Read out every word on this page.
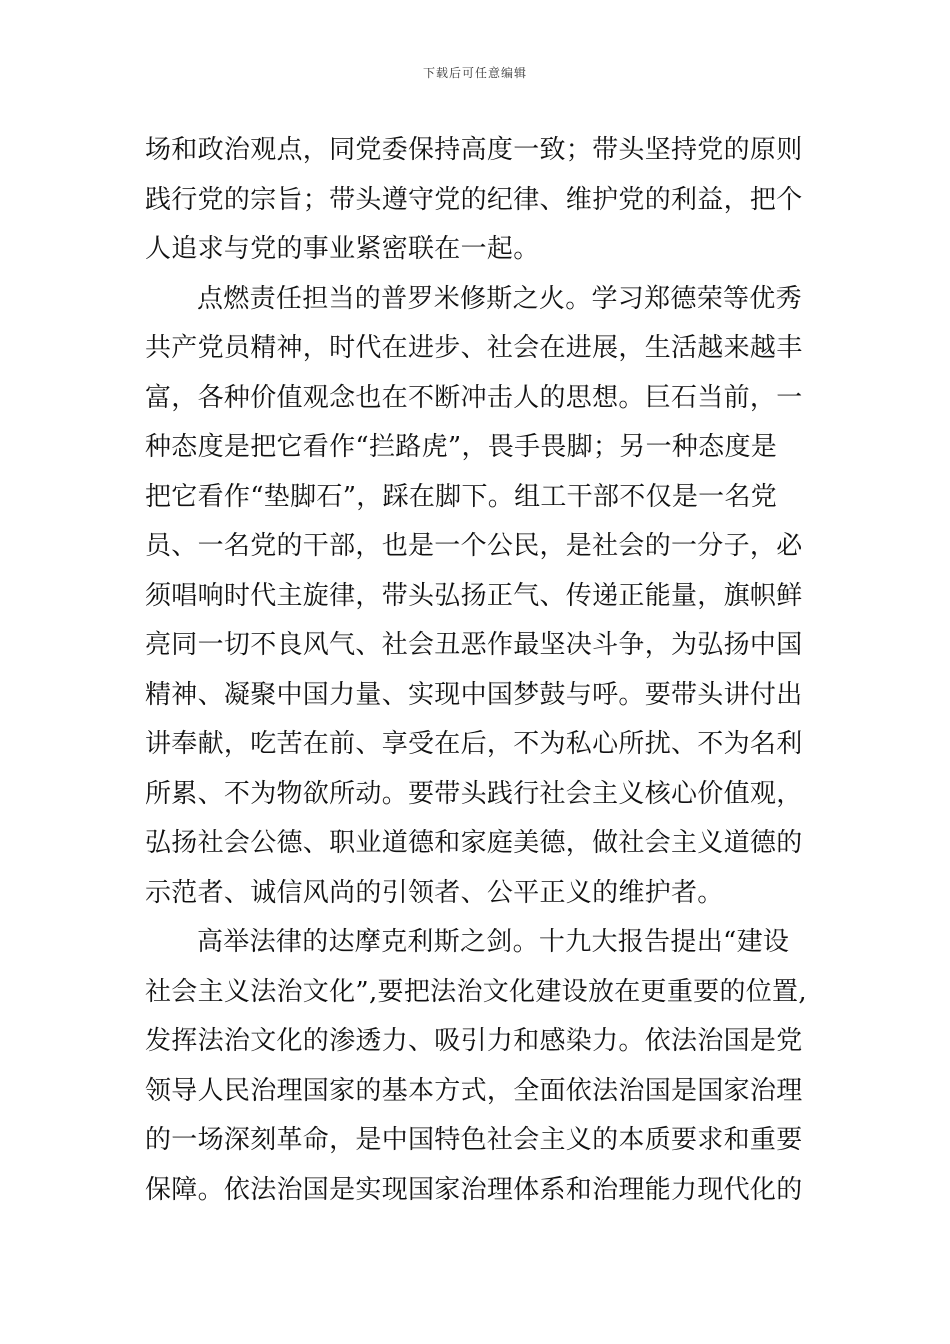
下载后可任意编辑
场和政治观点，同党委保持高度一致；带头坚持党的原则
践行党的宗旨；带头遵守党的纪律、维护党的利益，把个
人追求与党的事业紧密联在一起。
点燃责任担当的普罗米修斯之火。学习郑德荣等优秀
共产党员精神，时代在进步、社会在进展，生活越来越丰
富，各种价值观念也在不断冲击人的思想。巨石当前，一
种态度是把它看作“拦路虎”，畏手畏脚；另一种态度是
把它看作“垫脚石”，踩在脚下。组工干部不仅是一名党
员、一名党的干部，也是一个公民，是社会的一分子，必
须唱响时代主旋律，带头弘扬正气、传递正能量，旗帜鲜
亮同一切不良风气、社会丑恶作最坚决斗争，为弘扬中国
精神、凝聚中国力量、实现中国梦鼓与呼。要带头讲付出
讲奉献，吃苦在前、享受在后，不为私心所扰、不为名利
所累、不为物欲所动。要带头践行社会主义核心价值观，
弘扬社会公德、职业道德和家庭美德，做社会主义道德的
示范者、诚信风尚的引领者、公平正义的维护者。
高举法律的达摩克利斯之剑。十九大报告提出“建设
社会主义法治文化”,要把法治文化建设放在更重要的位置,
发挥法治文化的渗透力、吸引力和感染力。依法治国是党
领导人民治理国家的基本方式，全面依法治国是国家治理
的一场深刻革命，是中国特色社会主义的本质要求和重要
保障。依法治国是实现国家治理体系和治理能力现代化的
